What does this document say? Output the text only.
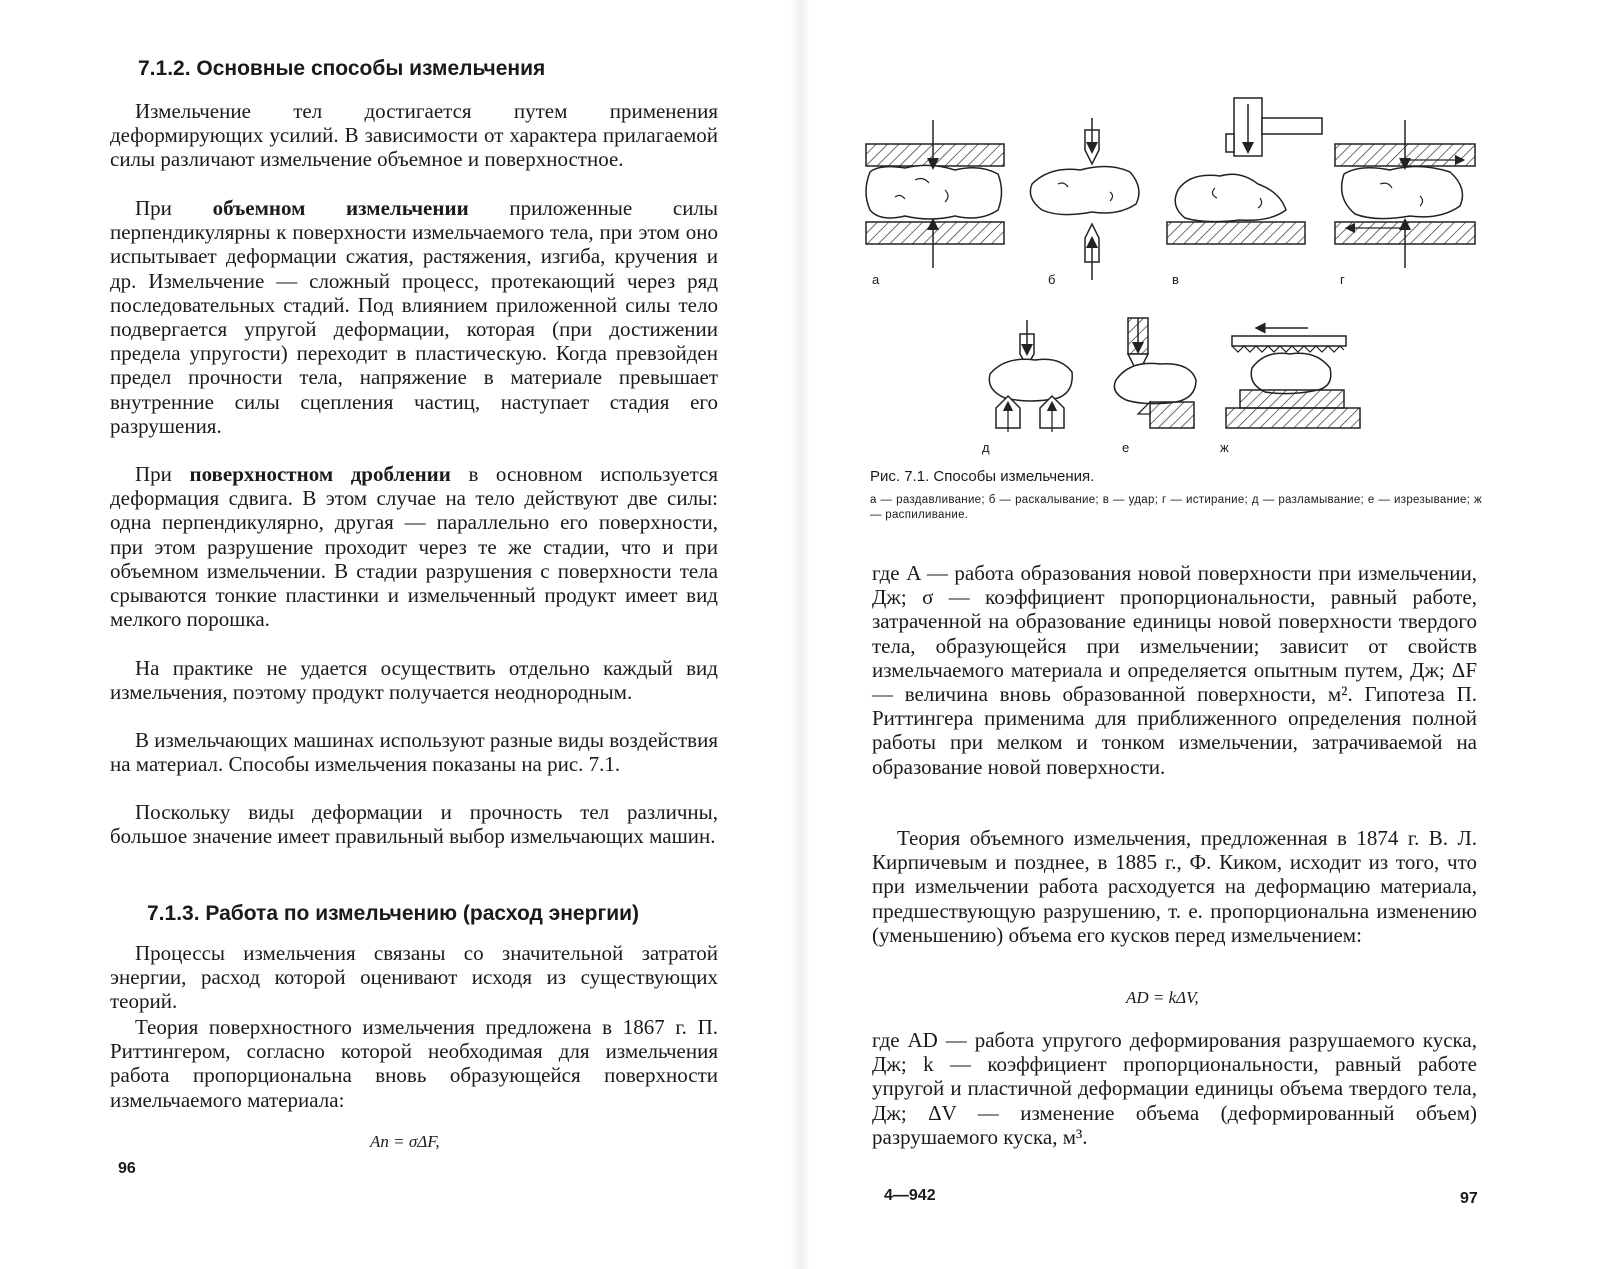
7.1.2. Основные способы измельчения

Измельчение тел достигается путем применения деформирующих усилий. В зависимости от характера прилагаемой силы различают измельчение объемное и поверхностное.

При объемном измельчении приложенные силы перпендикулярны к поверхности измельчаемого тела, при этом оно испытывает деформации сжатия, растяжения, изгиба, кручения и др. Измельчение — сложный процесс, протекающий через ряд последовательных стадий. Под влиянием приложенной силы тело подвергается упругой деформации, которая (при достижении предела упругости) переходит в пластическую. Когда превзойден предел прочности тела, напряжение в материале превышает внутренние силы сцепления частиц, наступает стадия его разрушения.

При поверхностном дроблении в основном используется деформация сдвига. В этом случае на тело действуют две силы: одна перпендикулярно, другая — параллельно его поверхности, при этом разрушение проходит через те же стадии, что и при объемном измельчении. В стадии разрушения с поверхности тела срываются тонкие пластинки и измельченный продукт имеет вид мелкого порошка.

На практике не удается осуществить отдельно каждый вид измельчения, поэтому продукт получается неоднородным.

В измельчающих машинах используют разные виды воздействия на материал. Способы измельчения показаны на рис. 7.1.

Поскольку виды деформации и прочность тел различны, большое значение имеет правильный выбор измельчающих машин.

7.1.3. Работа по измельчению (расход энергии)

Процессы измельчения связаны со значительной затратой энергии, расход которой оценивают исходя из существующих теорий.

Теория поверхностного измельчения предложена в 1867 г. П. Риттингером, согласно которой необходимая для измельчения работа пропорциональна вновь образующейся поверхности измельчаемого материала:

Aп = σΔF,
96
а	б	в	г
д	е	ж
Рис. 7.1. Способы измельчения.
а — раздавливание; б — раскалывание; в — удар; г — истирание; д — разламывание; е — изрезывание; ж — распиливание.

где A — работа образования новой поверхности при измельчении, Дж; σ — коэффициент пропорциональности, равный работе, затраченной на образование единицы новой поверхности твердого тела, образующейся при измельчении; зависит от свойств измельчаемого материала и определяется опытным путем, Дж; ΔF — величина вновь образованной поверхности, м². Гипотеза П. Риттингера применима для приближенного определения полной работы при мелком и тонком измельчении, затрачиваемой на образование новой поверхности.

Теория объемного измельчения, предложенная в 1874 г. В. Л. Кирпичевым и позднее, в 1885 г., Ф. Киком, исходит из того, что при измельчении работа расходуется на деформацию материала, предшествующую разрушению, т. е. пропорциональна изменению (уменьшению) объема его кусков перед измельчением:

AD = kΔV,

где AD — работа упругого деформирования разрушаемого куска, Дж; k — коэффициент пропорциональности, равный работе упругой и пластичной деформации единицы объема твердого тела, Дж; ΔV — изменение объема (деформированный объем) разрушаемого куска, м³.

4—942	97
